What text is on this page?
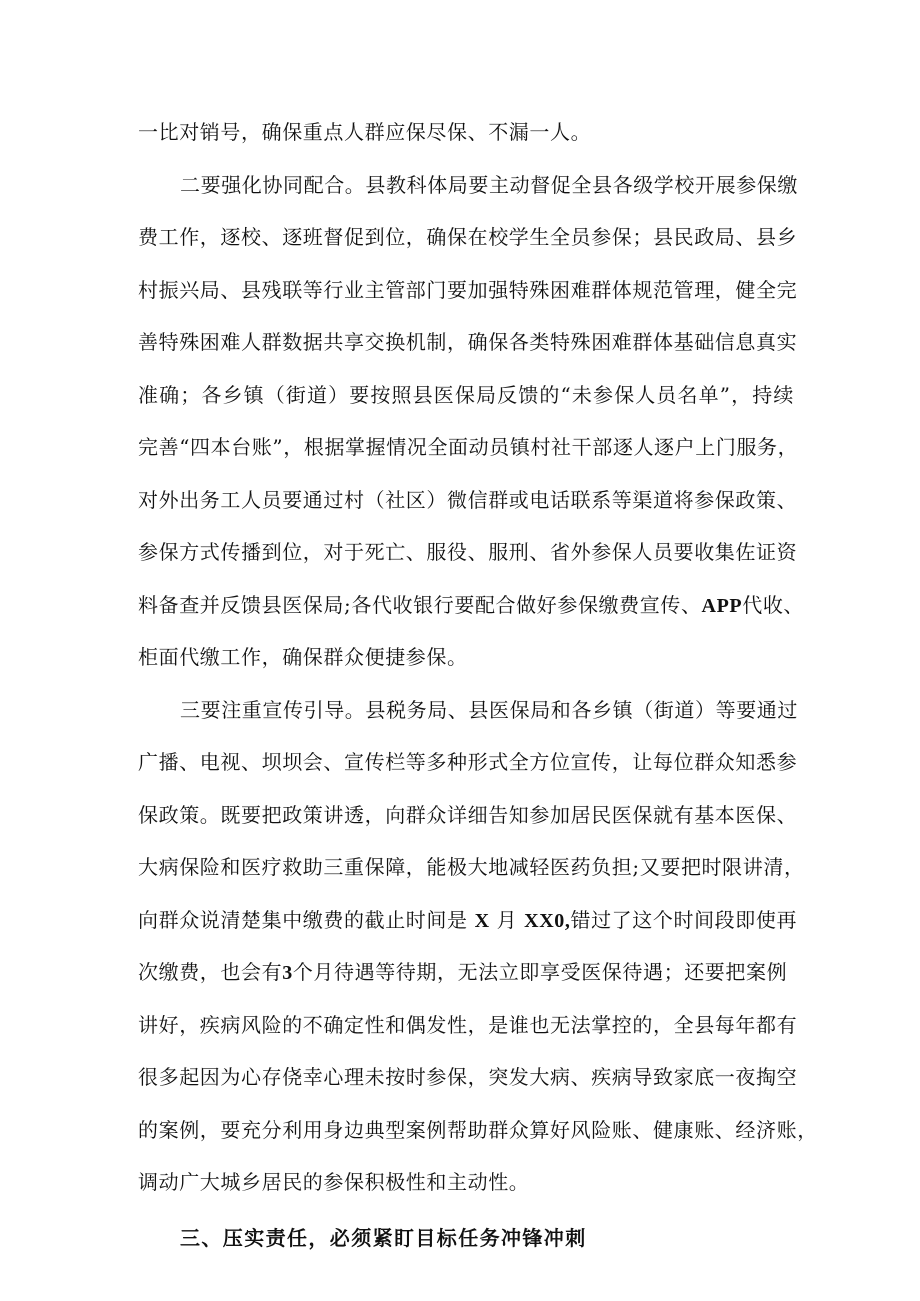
一比对销号，确保重点人群应保尽保、不漏一人。
二要强化协同配合。县教科体局要主动督促全县各级学校开展参保缴
费工作，逐校、逐班督促到位，确保在校学生全员参保；县民政局、县乡
村振兴局、县残联等行业主管部门要加强特殊困难群体规范管理，健全完
善特殊困难人群数据共享交换机制，确保各类特殊困难群体基础信息真实
准确；各乡镇（街道）要按照县医保局反馈的“未参保人员名单”，持续
完善“四本台账”，根据掌握情况全面动员镇村社干部逐人逐户上门服务，
对外出务工人员要通过村（社区）微信群或电话联系等渠道将参保政策、
参保方式传播到位，对于死亡、服役、服刑、省外参保人员要收集佐证资
料备查并反馈县医保局;各代收银行要配合做好参保缴费宣传、APP代收、
柜面代缴工作，确保群众便捷参保。
三要注重宣传引导。县税务局、县医保局和各乡镇（街道）等要通过
广播、电视、坝坝会、宣传栏等多种形式全方位宣传，让每位群众知悉参
保政策。既要把政策讲透，向群众详细告知参加居民医保就有基本医保、
大病保险和医疗救助三重保障，能极大地减轻医药负担;又要把时限讲清，
向群众说清楚集中缴费的截止时间是 X 月 XX0,错过了这个时间段即使再
次缴费，也会有3个月待遇等待期，无法立即享受医保待遇；还要把案例
讲好，疾病风险的不确定性和偶发性，是谁也无法掌控的，全县每年都有
很多起因为心存侥幸心理未按时参保，突发大病、疾病导致家底一夜掏空
的案例，要充分利用身边典型案例帮助群众算好风险账、健康账、经济账，
调动广大城乡居民的参保积极性和主动性。
三、压实责任，必须紧盯目标任务冲锋冲刺
